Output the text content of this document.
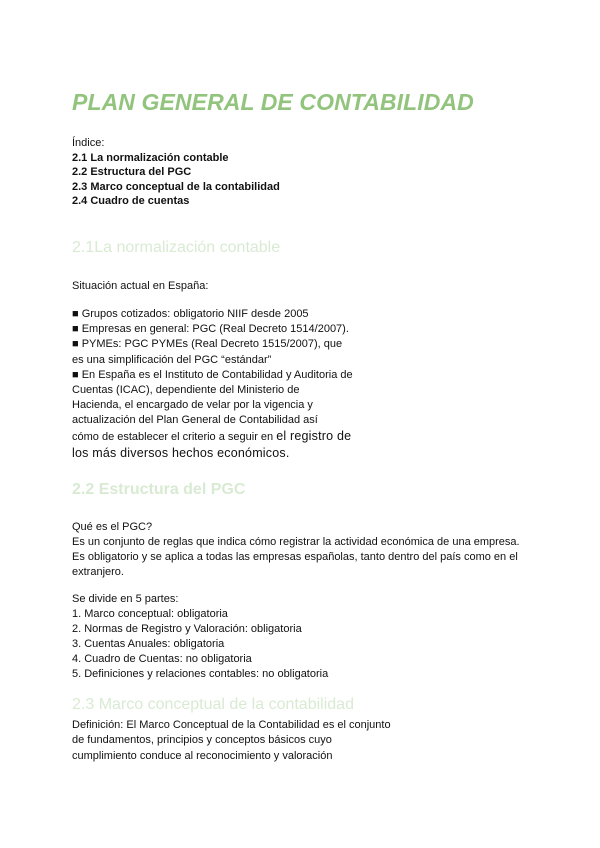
PLAN GENERAL DE CONTABILIDAD
Índice:
2.1 La normalización contable
2.2 Estructura del PGC
2.3 Marco conceptual de la contabilidad
2.4 Cuadro de cuentas
2.1La normalización contable
Situación actual en España:
■ Grupos cotizados: obligatorio NIIF desde 2005
■ Empresas en general: PGC (Real Decreto 1514/2007).
■ PYMEs: PGC PYMEs (Real Decreto 1515/2007), que
es una simplificación del PGC “estándar”
■ En España es el Instituto de Contabilidad y Auditoria de
Cuentas (ICAC), dependiente del Ministerio de
Hacienda, el encargado de velar por la vigencia y
actualización del Plan General de Contabilidad así
cómo de establecer el criterio a seguir en el registro de
los más diversos hechos económicos.
2.2 Estructura del PGC
Qué es el PGC?
Es un conjunto de reglas que indica cómo registrar la actividad económica de una empresa.
Es obligatorio y se aplica a todas las empresas españolas, tanto dentro del país como en el
extranjero.
Se divide en 5 partes:
1. Marco conceptual: obligatoria
2. Normas de Registro y Valoración: obligatoria
3. Cuentas Anuales: obligatoria
4. Cuadro de Cuentas: no obligatoria
5. Definiciones y relaciones contables: no obligatoria
2.3 Marco conceptual de la contabilidad
Definición: El Marco Conceptual de la Contabilidad es el conjunto
de fundamentos, principios y conceptos básicos cuyo
cumplimiento conduce al reconocimiento y valoración
